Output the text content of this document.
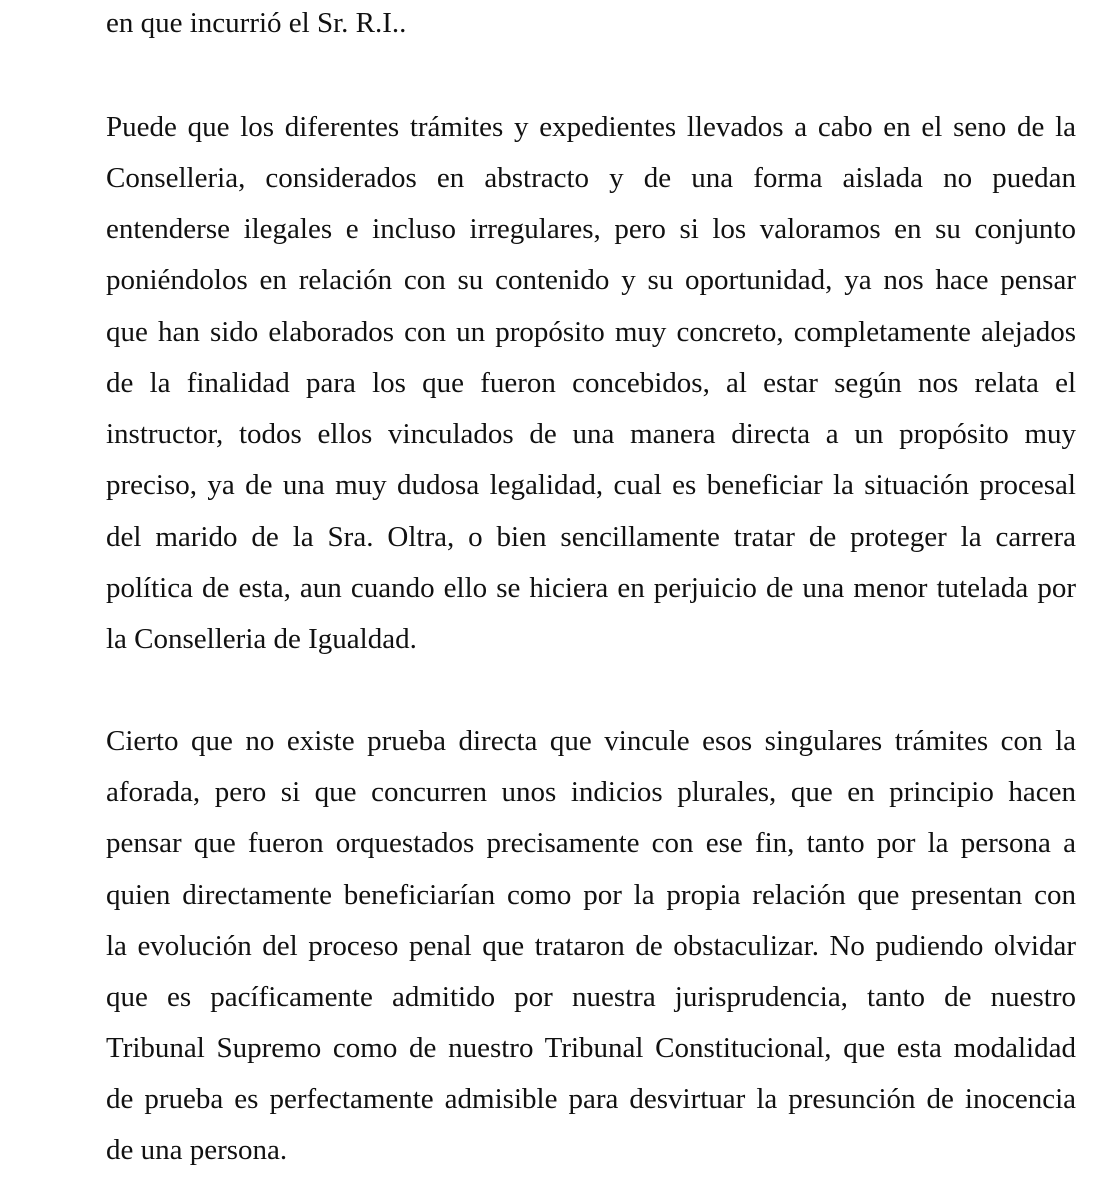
en que incurrió el Sr. R.I..
Puede que los diferentes trámites y expedientes llevados a cabo en el seno de la
Conselleria, considerados en abstracto y de una forma aislada no puedan
entenderse ilegales e incluso irregulares, pero si los valoramos en su conjunto
poniéndolos en relación con su contenido y su oportunidad, ya nos hace pensar
que han sido elaborados con un propósito muy concreto, completamente alejados
de la finalidad para los que fueron concebidos, al estar según nos relata el
instructor, todos ellos vinculados de una manera directa a un propósito muy
preciso, ya de una muy dudosa legalidad, cual es beneficiar la situación procesal
del marido de la Sra. Oltra, o bien sencillamente tratar de proteger la carrera
política de esta, aun cuando ello se hiciera en perjuicio de una menor tutelada por
la Conselleria de Igualdad.
Cierto que no existe prueba directa que vincule esos singulares trámites con la
aforada, pero si que concurren unos indicios plurales, que en principio hacen
pensar que fueron orquestados precisamente con ese fin, tanto por la persona a
quien directamente beneficiarían como por la propia relación que presentan con
la evolución del proceso penal que trataron de obstaculizar. No pudiendo olvidar
que es pacíficamente admitido por nuestra jurisprudencia, tanto de nuestro
Tribunal Supremo como de nuestro Tribunal Constitucional, que esta modalidad
de prueba es perfectamente admisible para desvirtuar la presunción de inocencia
de una persona.
